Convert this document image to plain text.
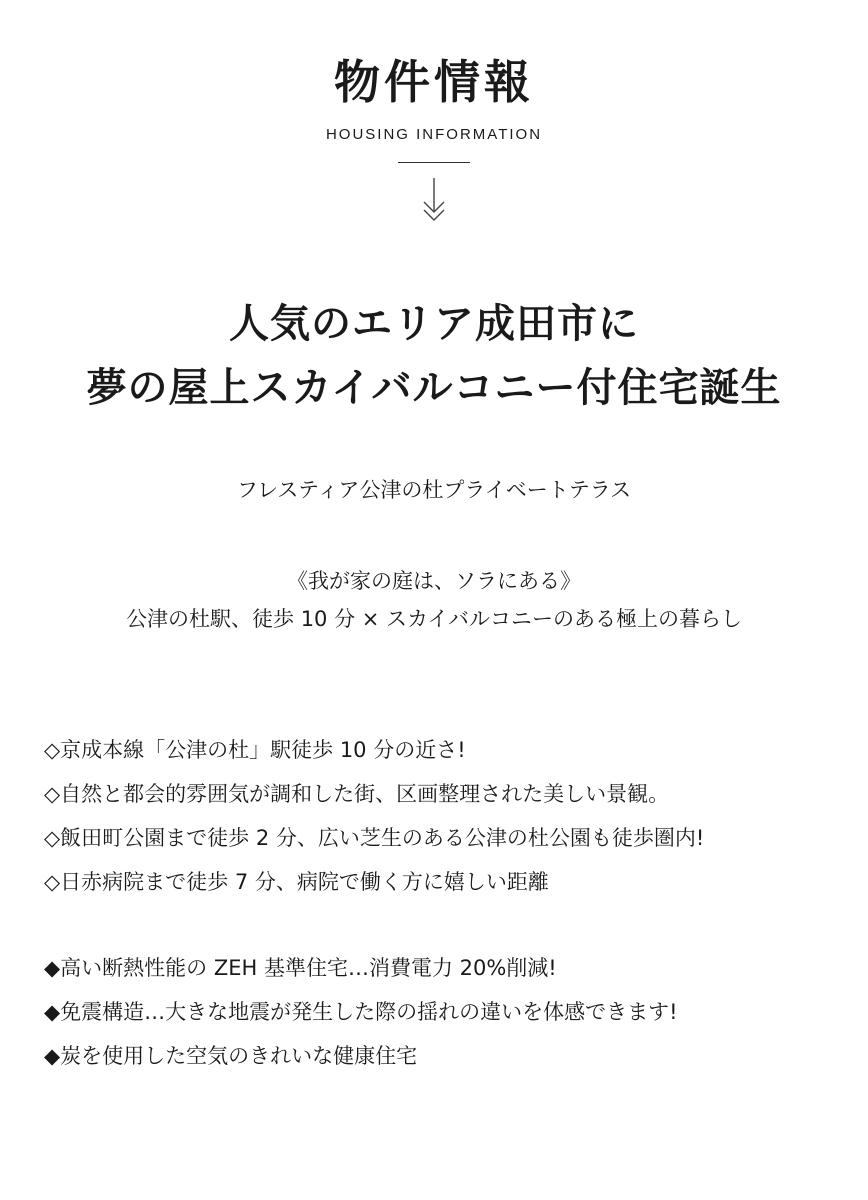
物件情報
HOUSING INFORMATION
人気のエリア成田市に
夢の屋上スカイバルコニー付住宅誕生
フレスティア公津の杜プライベートテラス
《我が家の庭は、ソラにある》
公津の杜駅、徒歩 10 分 × スカイバルコニーのある極上の暮らし
◇京成本線「公津の杜」駅徒歩 10 分の近さ!
◇自然と都会的雰囲気が調和した街、区画整理された美しい景観。
◇飯田町公園まで徒歩 2 分、広い芝生のある公津の杜公園も徒歩圏内!
◇日赤病院まで徒歩 7 分、病院で働く方に嬉しい距離
◆高い断熱性能の ZEH 基準住宅…消費電力 20%削減!
◆免震構造…大きな地震が発生した際の揺れの違いを体感できます!
◆炭を使用した空気のきれいな健康住宅
